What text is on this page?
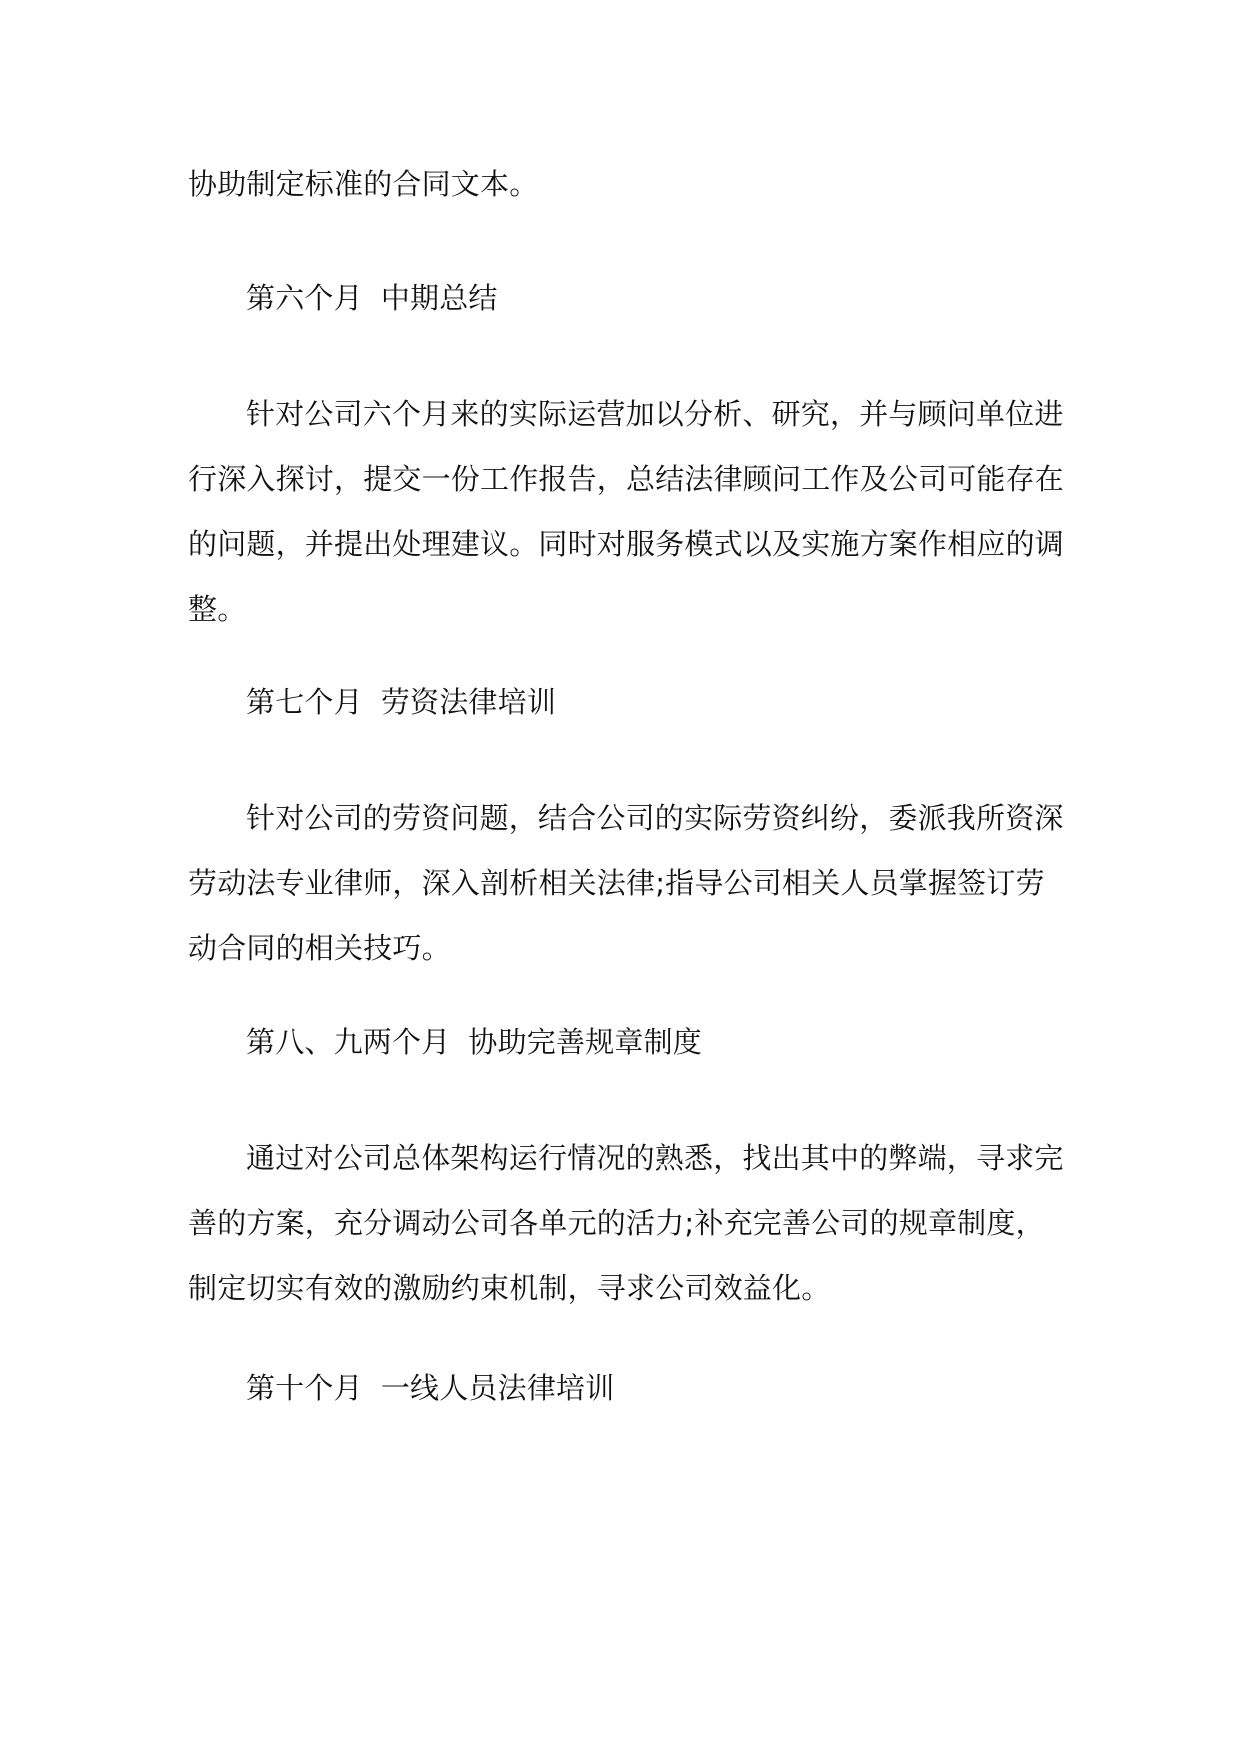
协助制定标准的合同文本。
第六个月 中期总结
针对公司六个月来的实际运营加以分析、研究，并与顾问单位进
行深入探讨，提交一份工作报告，总结法律顾问工作及公司可能存在
的问题，并提出处理建议。同时对服务模式以及实施方案作相应的调
整。
第七个月 劳资法律培训
针对公司的劳资问题，结合公司的实际劳资纠纷，委派我所资深
劳动法专业律师，深入剖析相关法律;指导公司相关人员掌握签订劳
动合同的相关技巧。
第八、九两个月 协助完善规章制度
通过对公司总体架构运行情况的熟悉，找出其中的弊端，寻求完
善的方案，充分调动公司各单元的活力;补充完善公司的规章制度，
制定切实有效的激励约束机制，寻求公司效益化。
第十个月 一线人员法律培训
